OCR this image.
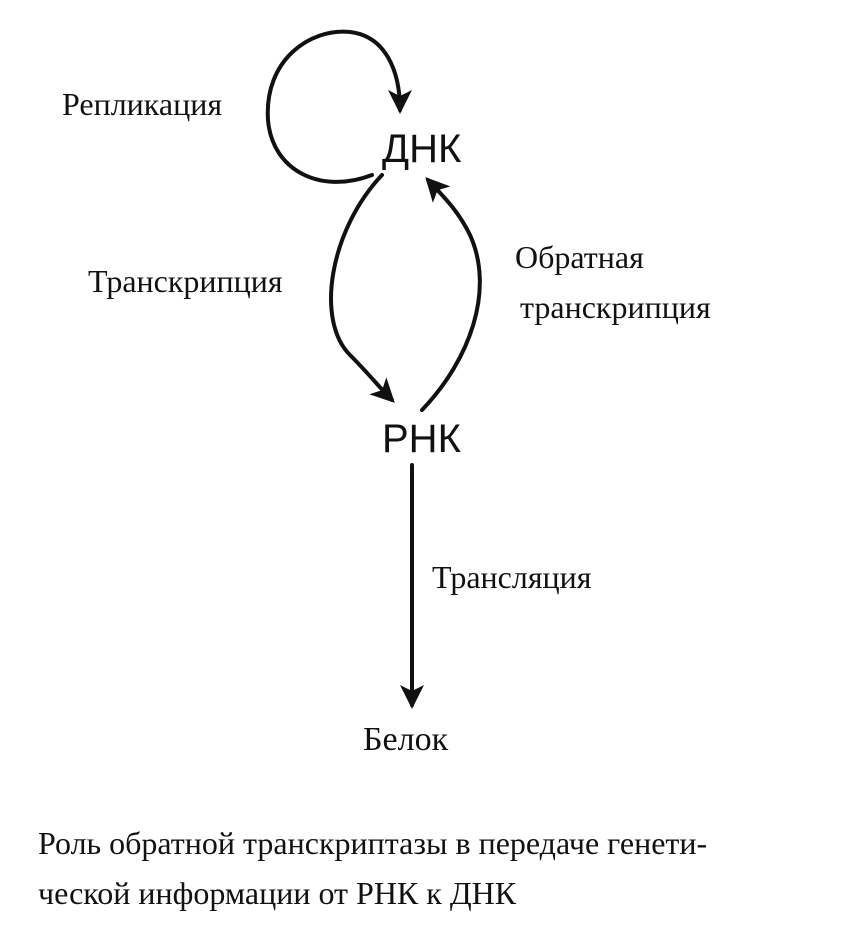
ДНК
РНК
Белок
Репликация
Транскрипция
Обратная
транскрипция
Трансляция
Роль обратной транскриптазы в передаче генети-
ческой информации от РНК к ДНК
